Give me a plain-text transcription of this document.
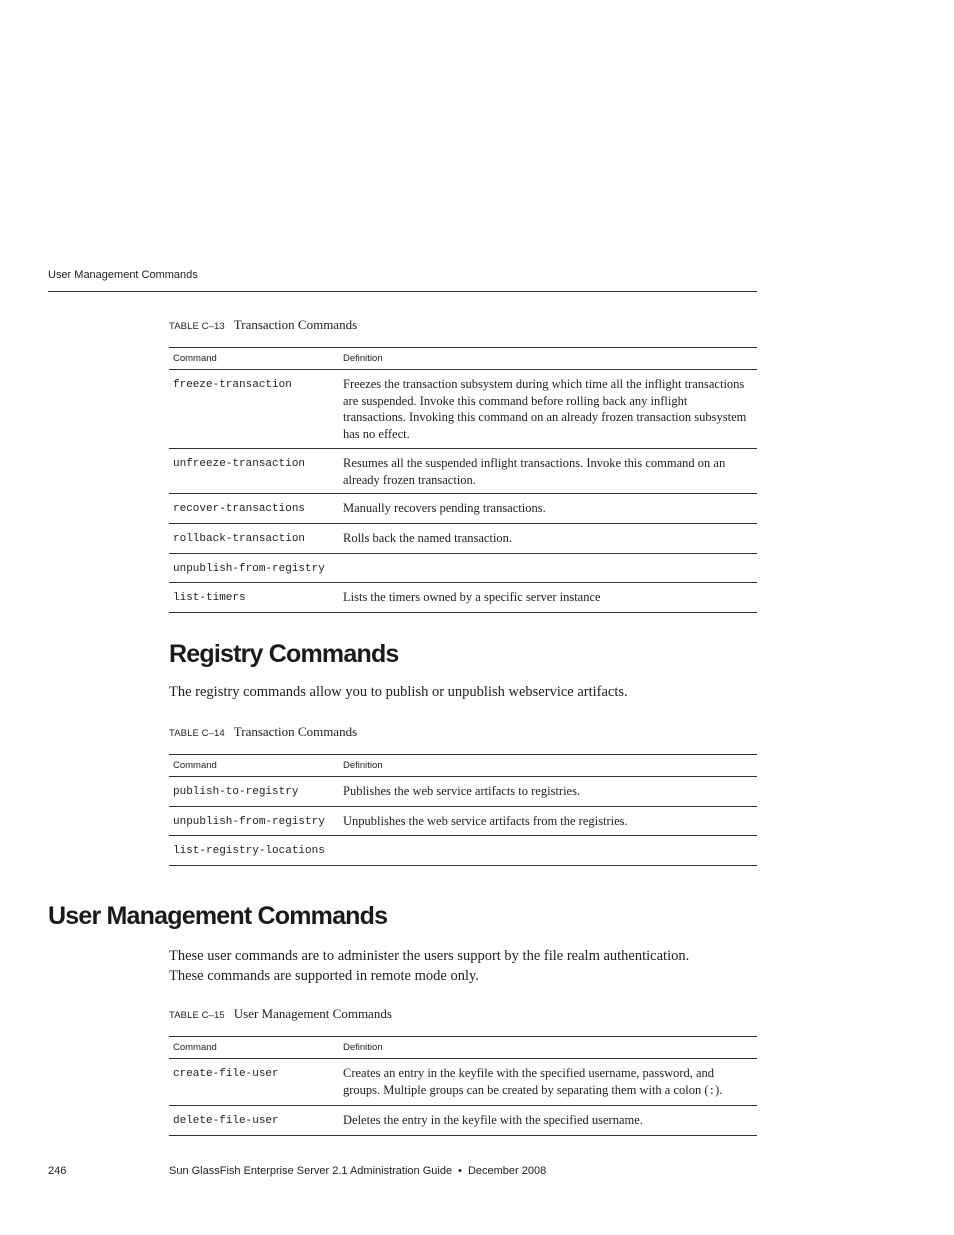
User Management Commands
TABLE C–13 Transaction Commands
Command	Definition
freeze-transaction	Freezes the transaction subsystem during which time all the inflight transactions are suspended. Invoke this command before rolling back any inflight transactions. Invoking this command on an already frozen transaction subsystem has no effect.
unfreeze-transaction	Resumes all the suspended inflight transactions. Invoke this command on an already frozen transaction.
recover-transactions	Manually recovers pending transactions.
rollback-transaction	Rolls back the named transaction.
unpublish-from-registry	
list-timers	Lists the timers owned by a specific server instance
Registry Commands

The registry commands allow you to publish or unpublish webservice artifacts.

TABLE C–14 Transaction Commands
Command	Definition
publish-to-registry	Publishes the web service artifacts to registries.
unpublish-from-registry	Unpublishes the web service artifacts from the registries.
list-registry-locations	
User Management Commands

These user commands are to administer the users support by the file realm authentication.
These commands are supported in remote mode only.

TABLE C–15 User Management Commands
Command	Definition
create-file-user	Creates an entry in the keyfile with the specified username, password, and groups. Multiple groups can be created by separating them with a colon (:).
delete-file-user	Deletes the entry in the keyfile with the specified username.
246	Sun GlassFish Enterprise Server 2.1 Administration Guide • December 2008
